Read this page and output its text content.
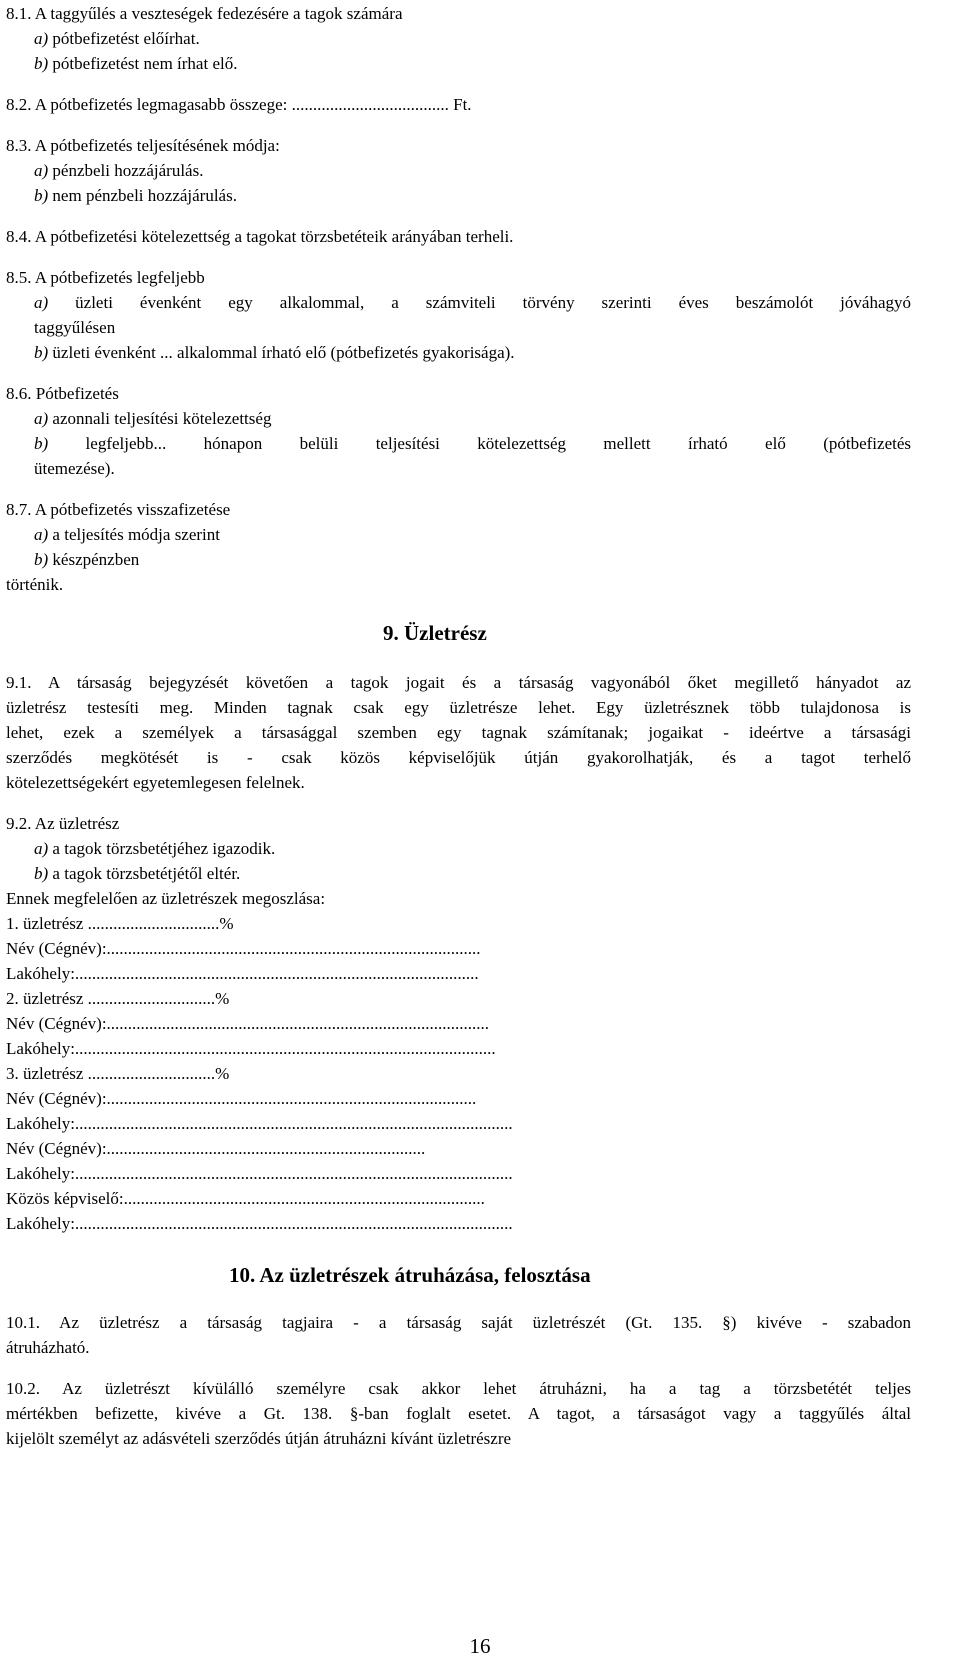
8.1. A taggyűlés a veszteségek fedezésére a tagok számára
a) pótbefizetést előírhat.
b) pótbefizetést nem írhat elő.
8.2. A pótbefizetés legmagasabb összege: ..................................... Ft.
8.3. A pótbefizetés teljesítésének módja:
a) pénzbeli hozzájárulás.
b) nem pénzbeli hozzájárulás.
8.4. A pótbefizetési kötelezettség a tagokat törzsbetéteik arányában terheli.
8.5. A pótbefizetés legfeljebb
a) üzleti évenként egy alkalommal, a számviteli törvény szerinti éves beszámolót jóváhagyó
taggyűlésen
b) üzleti évenként ... alkalommal írható elő (pótbefizetés gyakorisága).
8.6. Pótbefizetés
a) azonnali teljesítési kötelezettség
b) legfeljebb... hónapon belüli teljesítési kötelezettség mellett írható elő (pótbefizetés
ütemezése).
8.7. A pótbefizetés visszafizetése
a) a teljesítés módja szerint
b) készpénzben
történik.
9. Üzletrész
9.1. A társaság bejegyzését követően a tagok jogait és a társaság vagyonából őket megillető hányadot az
üzletrész testesíti meg. Minden tagnak csak egy üzletrésze lehet. Egy üzletrésznek több tulajdonosa is
lehet, ezek a személyek a társasággal szemben egy tagnak számítanak; jogaikat - ideértve a társasági
szerződés megkötését is - csak közös képviselőjük útján gyakorolhatják, és a tagot terhelő
kötelezettségekért egyetemlegesen felelnek.
9.2. Az üzletrész
a) a tagok törzsbetétjéhez igazodik.
b) a tagok törzsbetétjétől eltér.
Ennek megfelelően az üzletrészek megoszlása:
1. üzletrész ...............................%
Név (Cégnév):........................................................................................
Lakóhely:...............................................................................................
2. üzletrész ..............................%
Név (Cégnév):..........................................................................................
Lakóhely:...................................................................................................
3. üzletrész ..............................%
Név (Cégnév):.......................................................................................
Lakóhely:.......................................................................................................
Név (Cégnév):...........................................................................
Lakóhely:.......................................................................................................
Közös képviselő:.....................................................................................
Lakóhely:.......................................................................................................
10. Az üzletrészek átruházása, felosztása
10.1. Az üzletrész a társaság tagjaira - a társaság saját üzletrészét (Gt. 135. §) kivéve - szabadon
átruházható.
10.2. Az üzletrészt kívülálló személyre csak akkor lehet átruházni, ha a tag a törzsbetétét teljes
mértékben befizette, kivéve a Gt. 138. §-ban foglalt esetet. A tagot, a társaságot vagy a taggyűlés által
kijelölt személyt az adásvételi szerződés útján átruházni kívánt üzletrészre
16
